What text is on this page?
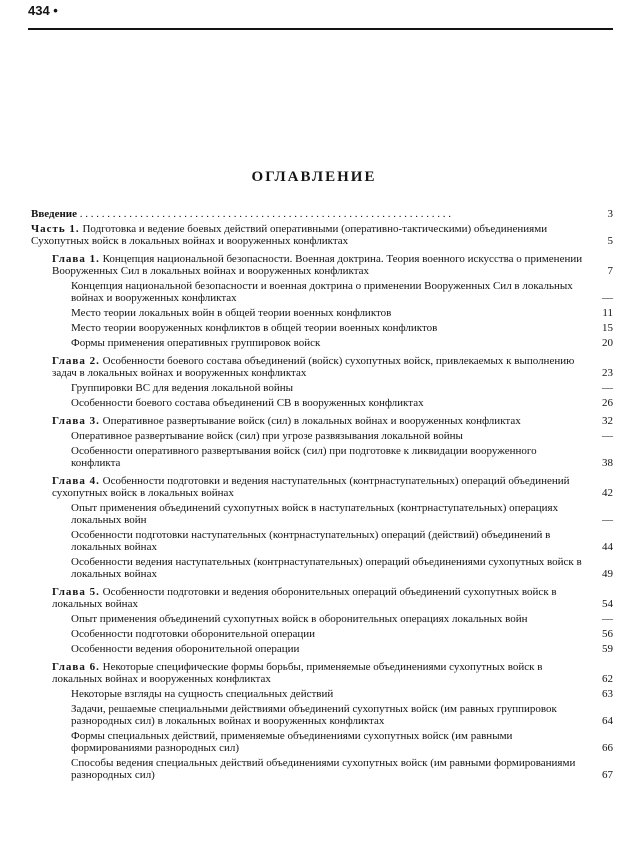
434 •
ОГЛАВЛЕНИЕ
Введение . . . . . . . . . . . . . . . . . . . . . . . . . . . . . . . . . . . . . . . . . . . . . . . . . . . . . . . . . . . . . . . . . . . .	3
Часть 1. Подготовка и ведение боевых действий оперативными (оперативно-тактическими) объединениями Сухопутных войск в локальных войнах и вооруженных конфликтах	5
Глава 1. Концепция национальной безопасности. Военная доктрина. Теория военного искусства о применении Вооруженных Сил в локальных войнах и вооруженных конфликтах	7
Концепция национальной безопасности и военная доктрина о применении Вооруженных Сил в локальных войнах и вооруженных конфликтах	—
Место теории локальных войн в общей теории военных конфликтов	11
Место теории вооруженных конфликтов в общей теории военных конфликтов	15
Формы применения оперативных группировок войск	20
Глава 2. Особенности боевого состава объединений (войск) сухопутных войск, привлекаемых к выполнению задач в локальных войнах и вооруженных конфликтах	23
Группировки ВС для ведения локальной войны	—
Особенности боевого состава объединений СВ в вооруженных конфликтах	26
Глава 3. Оперативное развертывание войск (сил) в локальных войнах и вооруженных конфликтах	32
Оперативное развертывание войск (сил) при угрозе развязывания локальной войны	—
Особенности оперативного развертывания войск (сил) при подготовке к ликвидации вооруженного конфликта	38
Глава 4. Особенности подготовки и ведения наступательных (контрнаступательных) операций объединений сухопутных войск в локальных войнах	42
Опыт применения объединений сухопутных войск в наступательных (контрнаступательных) операциях локальных войн	—
Особенности подготовки наступательных (контрнаступательных) операций (действий) объединений в локальных войнах	44
Особенности ведения наступательных (контрнаступательных) операций объединениями сухопутных войск в локальных войнах	49
Глава 5. Особенности подготовки и ведения оборонительных операций объединений сухопутных войск в локальных войнах	54
Опыт применения объединений сухопутных войск в оборонительных операциях локальных войн	—
Особенности подготовки оборонительной операции	56
Особенности ведения оборонительной операции	59
Глава 6. Некоторые специфические формы борьбы, применяемые объединениями сухопутных войск в локальных войнах и вооруженных конфликтах	62
Некоторые взгляды на сущность специальных действий	63
Задачи, решаемые специальными действиями объединений сухопутных войск (им равных группировок разнородных сил) в локальных войнах и вооруженных конфликтах	64
Формы специальных действий, применяемые объединениями сухопутных войск (им равными формированиями разнородных сил)	66
Способы ведения специальных действий объединениями сухопутных войск (им равными формированиями разнородных сил)	67
